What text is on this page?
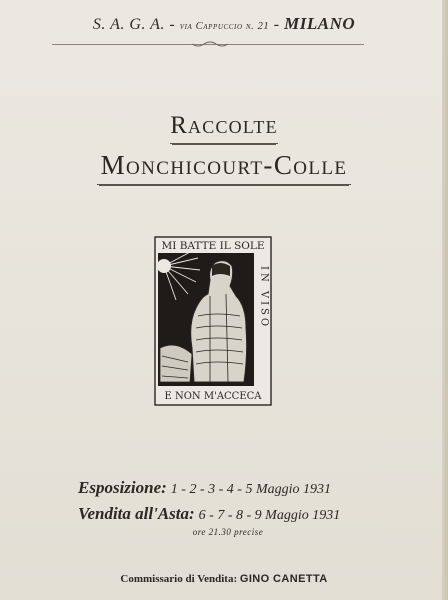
S. A. G. A. - via Cappuccio n. 21 - MILANO
Raccolte
Monchicourt-Colle
MI BATTE IL SOLE
IN VISO
E NON M'ACCECA
Esposizione: 1 - 2 - 3 - 4 - 5 Maggio 1931
Vendita all'Asta: 6 - 7 - 8 - 9 Maggio 1931
ore 21.30 precise
Commissario di Vendita: GINO CANETTA
